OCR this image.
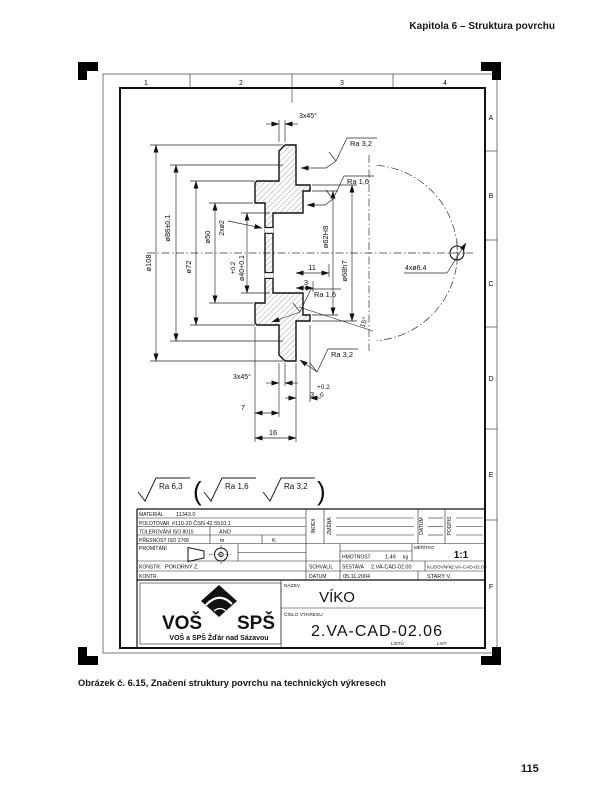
Kapitola 6 – Struktura povrchu
1	2	3	4
A
B
C
D
E
F
4xø6.4
3x45°
ø108
ø88±0.1
ø72
ø50
+0.2 ø40+0.1
2xø2	ø62H8
ø68h7
11
3
15°
3x45°
+0.2
3 0
7
16
Ra 3,2
Ra 1,6
Ra 1,6
Ra 3,2
Ra 6,3 (	Ra 1,6	Ra 3,2 )
MATERIÁL 11343.0
POLOTOVAR #110-20 ČSN 42 5510.1
TOLEROVÁNÍ ISO 8015	ANO
PŘESNOST ISO 2768	m	K
PROMÍTÁNÍ
INDEX	ZMĚNA	DATUM	PODPIS
MĚŘÍTKO
1:1
HMOTNOST	1,49 kg
SESTAVA 2.VA-CAD-02.00	KUSOVNÍK 2.VA-CAD-02.00
KONSTR. POKORNÝ Z.	SCHVÁLIL
KONTR.	DATUM	05.11.2004	STARÝ V.
NÁZEV
VÍKO
ČÍSLO VÝKRESU
2.VA-CAD-02.06
LISTŮ	LIST
VOŠ SPŠ
VOŠ a SPŠ Žďár nad Sázavou
Obrázek č. 6.15, Značení struktury povrchu na technických výkresech
115
